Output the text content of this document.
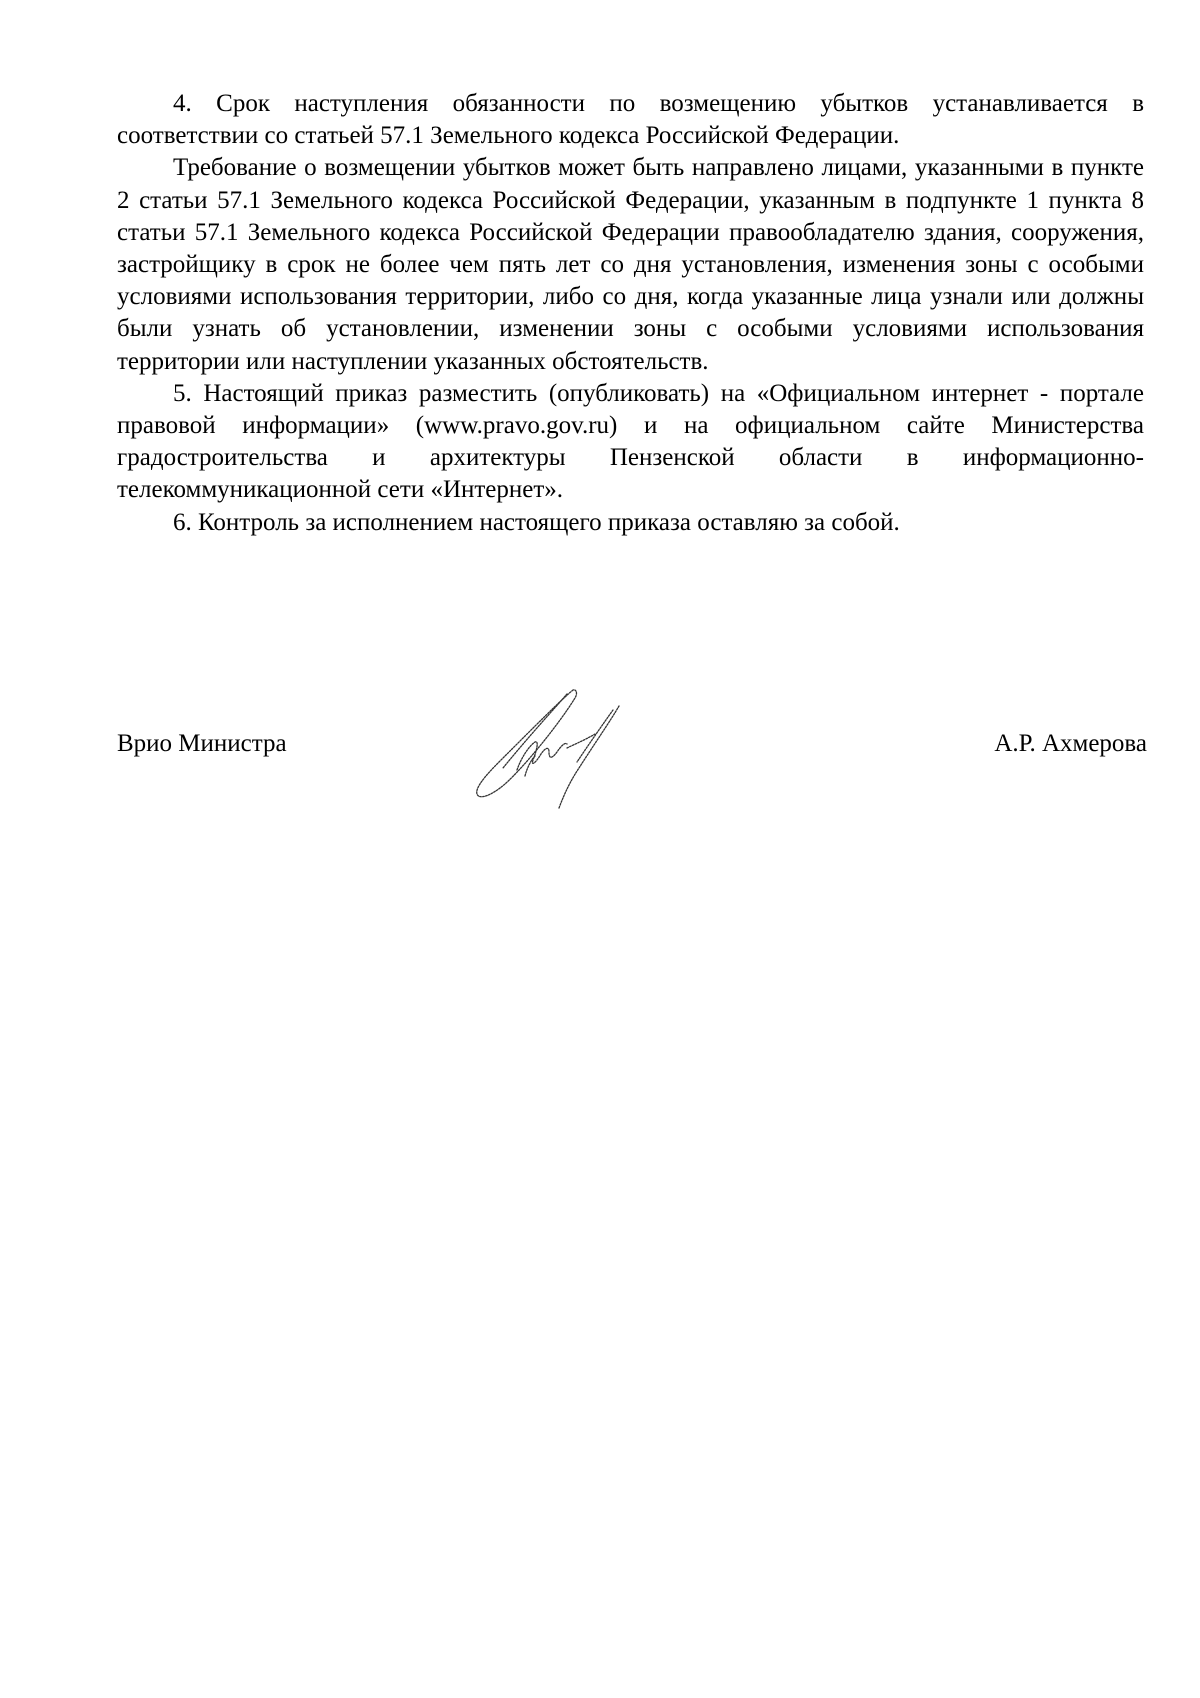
4. Срок наступления обязанности по возмещению убытков устанавливается в соответствии со статьей 57.1 Земельного кодекса Российской Федерации.

Требование о возмещении убытков может быть направлено лицами, указанными в пункте 2 статьи 57.1 Земельного кодекса Российской Федерации, указанным в подпункте 1 пункта 8 статьи 57.1 Земельного кодекса Российской Федерации правообладателю здания, сооружения, застройщику в срок не более чем пять лет со дня установления, изменения зоны с особыми условиями использования территории, либо со дня, когда указанные лица узнали или должны были узнать об установлении, изменении зоны с особыми условиями использования территории или наступлении указанных обстоятельств.

5. Настоящий приказ разместить (опубликовать) на «Официальном интернет - портале правовой информации» (www.pravo.gov.ru) и на официальном сайте Министерства градостроительства и архитектуры Пензенской области в информационно-телекоммуникационной сети «Интернет».

6. Контроль за исполнением настоящего приказа оставляю за собой.

Врио Министра	А.Р. Ахмерова
